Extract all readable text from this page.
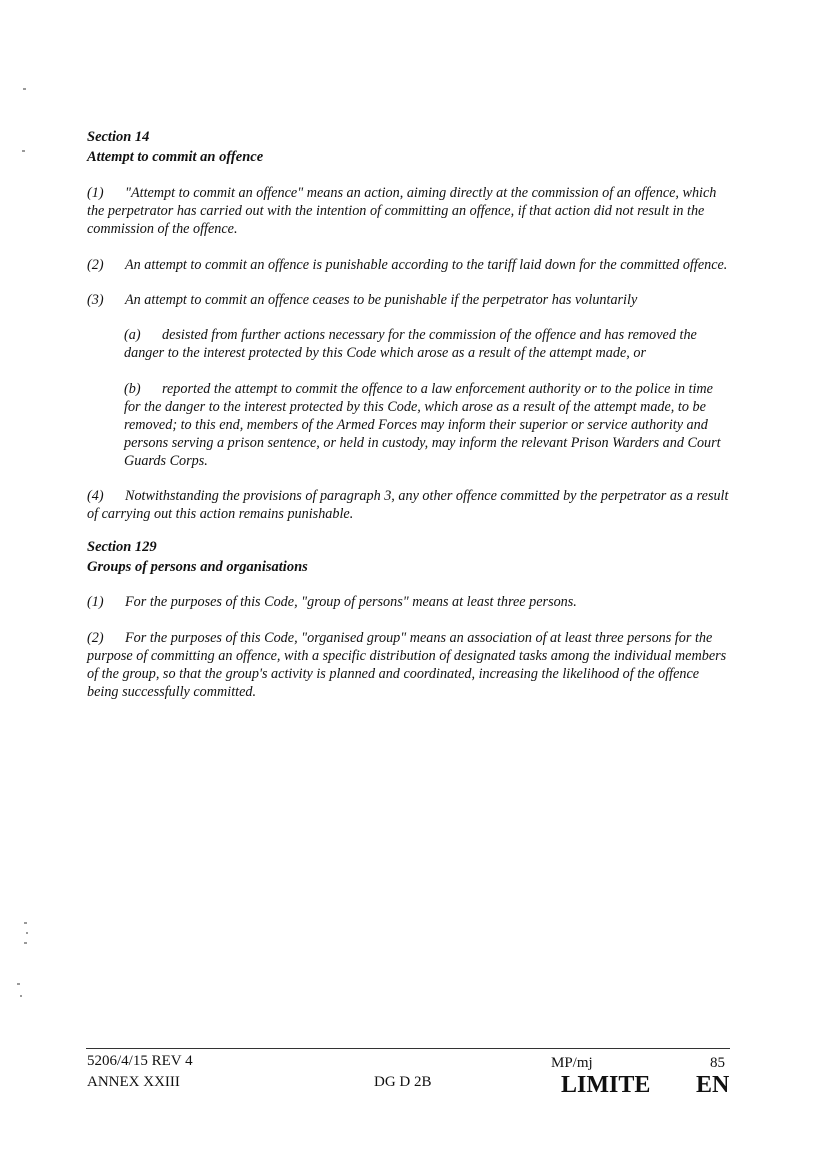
Section 14
Attempt to commit an offence

(1) "Attempt to commit an offence" means an action, aiming directly at the commission of an offence, which the perpetrator has carried out with the intention of committing an offence, if that action did not result in the commission of the offence.

(2) An attempt to commit an offence is punishable according to the tariff laid down for the committed offence.

(3) An attempt to commit an offence ceases to be punishable if the perpetrator has voluntarily

(a) desisted from further actions necessary for the commission of the offence and has removed the danger to the interest protected by this Code which arose as a result of the attempt made, or

(b) reported the attempt to commit the offence to a law enforcement authority or to the police in time for the danger to the interest protected by this Code, which arose as a result of the attempt made, to be removed; to this end, members of the Armed Forces may inform their superior or service authority and persons serving a prison sentence, or held in custody, may inform the relevant Prison Warders and Court Guards Corps.

(4) Notwithstanding the provisions of paragraph 3, any other offence committed by the perpetrator as a result of carrying out this action remains punishable.

Section 129
Groups of persons and organisations

(1) For the purposes of this Code, "group of persons" means at least three persons.

(2) For the purposes of this Code, "organised group" means an association of at least three persons for the purpose of committing an offence, with a specific distribution of designated tasks among the individual members of the group, so that the group's activity is planned and coordinated, increasing the likelihood of the offence being successfully committed.

5206/4/15 REV 4
ANNEX XXIII	DG D 2B
MP/mj	85
LIMITE EN
